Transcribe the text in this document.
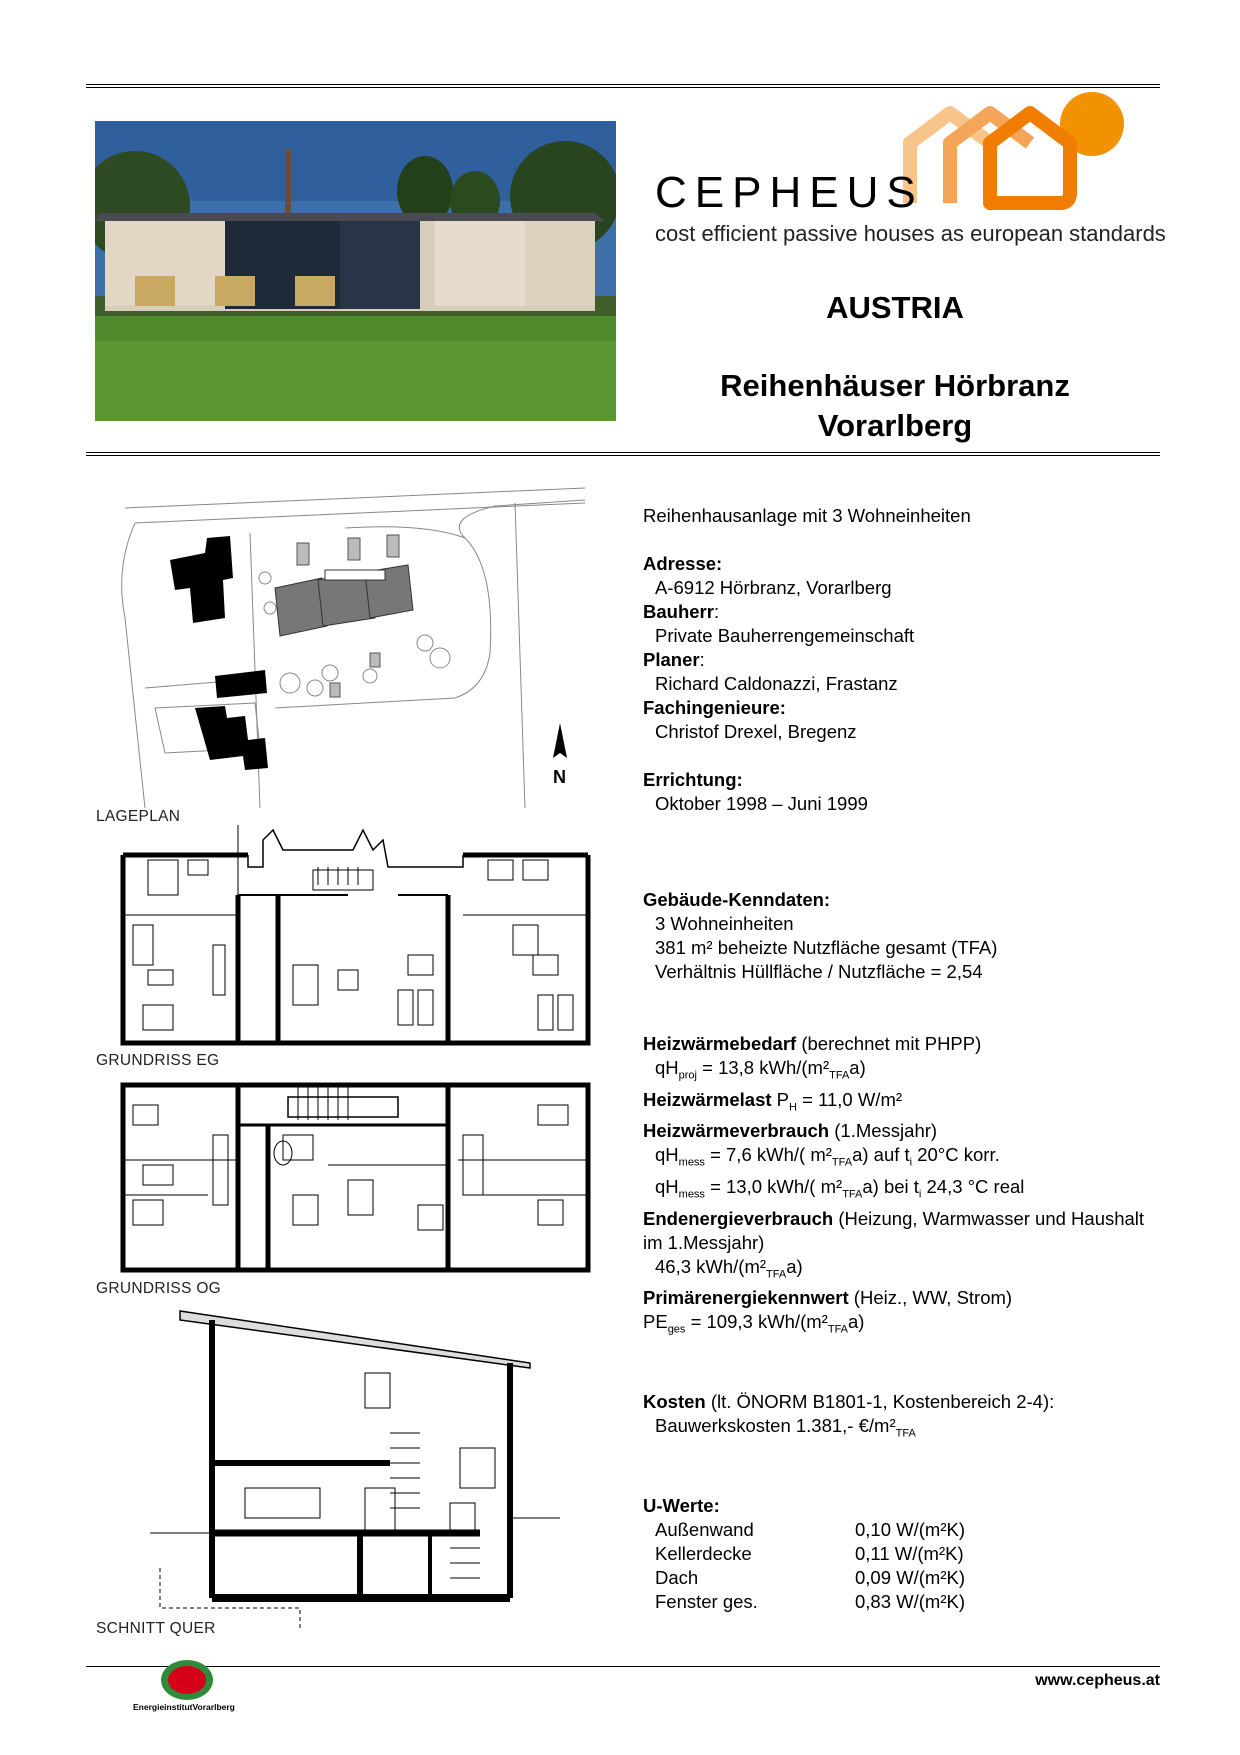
CEPHEUS
cost efficient passive houses as european standards
AUSTRIA
Reihenhäuser Hörbranz
Vorarlberg
N
LAGEPLAN
GRUNDRISS EG
GRUNDRISS OG
SCHNITT QUER
Reihenhausanlage mit 3 Wohneinheiten
Adresse:
A-6912 Hörbranz, Vorarlberg
Bauherr:
Private Bauherrengemeinschaft
Planer:
Richard Caldonazzi, Frastanz
Fachingenieure:
Christof Drexel, Bregenz
Errichtung:
Oktober 1998 – Juni 1999
Gebäude-Kenndaten:
3 Wohneinheiten
381 m² beheizte Nutzfläche gesamt (TFA)
Verhältnis Hüllfläche / Nutzfläche = 2,54
Heizwärmebedarf (berechnet mit PHPP)
$qH_{proj} = 13,8$ kWh/$(m^2_{TFA}a)$
Heizwärmelast $P_H = 11,0$ W/m²
Heizwärmeverbrauch (1.Messjahr)
$qH_{mess} = 7,6$ kWh/( $m^2_{TFA}a$) auf $t_i$ 20°C korr.
$qH_{mess} = 13,0$ kWh/( $m^2_{TFA}a$) bei $t_i$ 24,3 °C real
Endenergieverbrauch (Heizung, Warmwasser und Haushalt im 1.Messjahr)
46,3 kWh/$(m^2_{TFA}a)$
Primärenergiekennwert (Heiz., WW, Strom)
$PE_{ges} = 109,3$ kWh/$(m^2_{TFA}a)$
Kosten (lt. ÖNORM B1801-1, Kostenbereich 2-4):
Bauwerkskosten 1.381,- $€/m^2_{TFA}$
U-Werte:
Außenwand	0,10 W/(m²K)
Kellerdecke	0,11 W/(m²K)
Dach	0,09 W/(m²K)
Fenster ges.	0,83 W/(m²K)
EnergieinstitutVorarlberg
www.cepheus.at
